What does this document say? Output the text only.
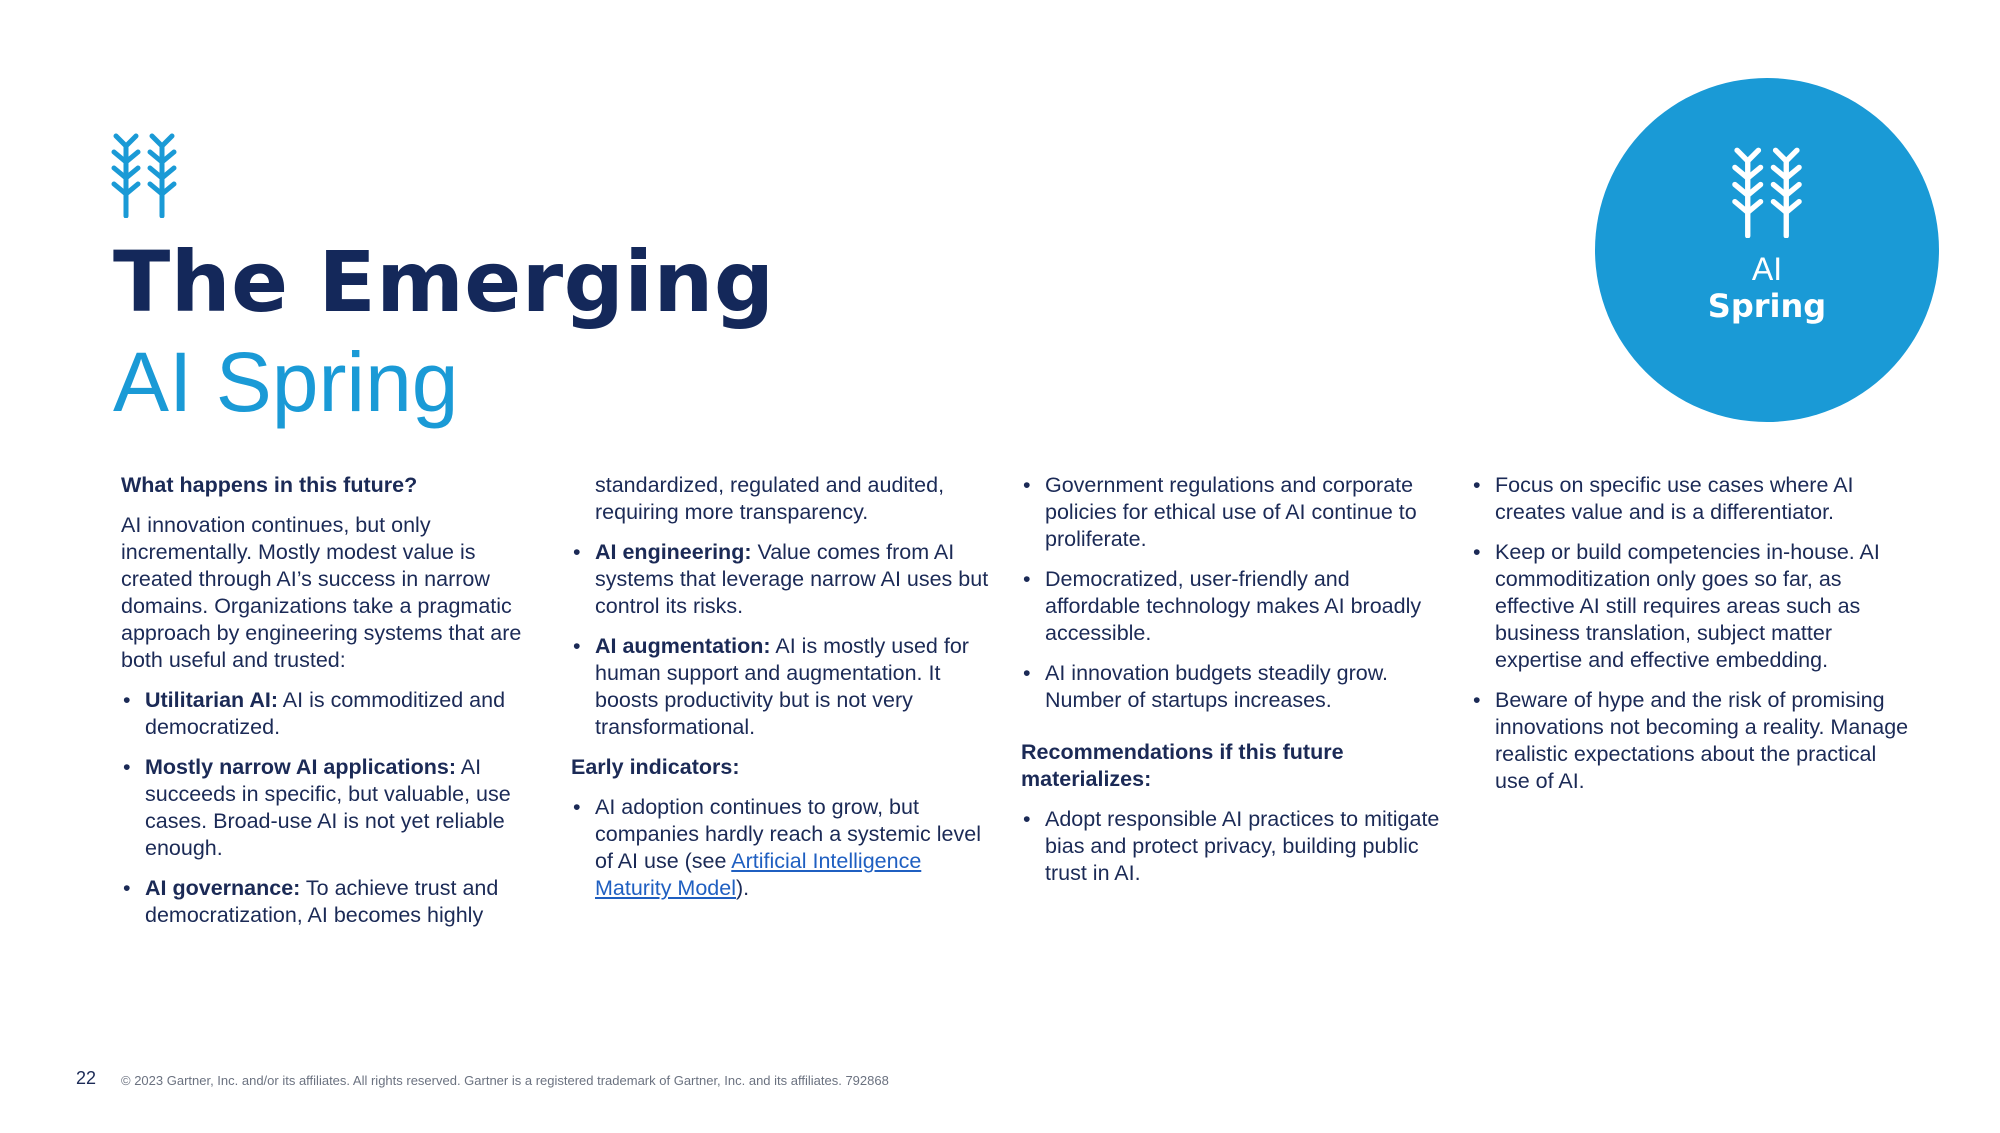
The Emerging
AI Spring
AI
Spring
What happens in this future?

AI innovation continues, but only incrementally. Mostly modest value is created through AI’s success in narrow domains. Organizations take a pragmatic approach by engineering systems that are both useful and trusted:

• Utilitarian AI: AI is commoditized and democratized.
• Mostly narrow AI applications: AI succeeds in specific, but valuable, use cases. Broad-use AI is not yet reliable enough.
• AI governance: To achieve trust and democratization, AI becomes highly
standardized, regulated and audited, requiring more transparency.
• AI engineering: Value comes from AI systems that leverage narrow AI uses but control its risks.
• AI augmentation: AI is mostly used for human support and augmentation. It boosts productivity but is not very transformational.
Early indicators:
• AI adoption continues to grow, but companies hardly reach a systemic level of AI use (see Artificial Intelligence Maturity Model).
• Government regulations and corporate policies for ethical use of AI continue to proliferate.
• Democratized, user-friendly and affordable technology makes AI broadly accessible.
• AI innovation budgets steadily grow. Number of startups increases.
Recommendations if this future materializes:
• Adopt responsible AI practices to mitigate bias and protect privacy, building public trust in AI.
• Focus on specific use cases where AI creates value and is a differentiator.
• Keep or build competencies in-house. AI commoditization only goes so far, as effective AI still requires areas such as business translation, subject matter expertise and effective embedding.
• Beware of hype and the risk of promising innovations not becoming a reality. Manage realistic expectations about the practical use of AI.
22 © 2023 Gartner, Inc. and/or its affiliates. All rights reserved. Gartner is a registered trademark of Gartner, Inc. and its affiliates. 792868
